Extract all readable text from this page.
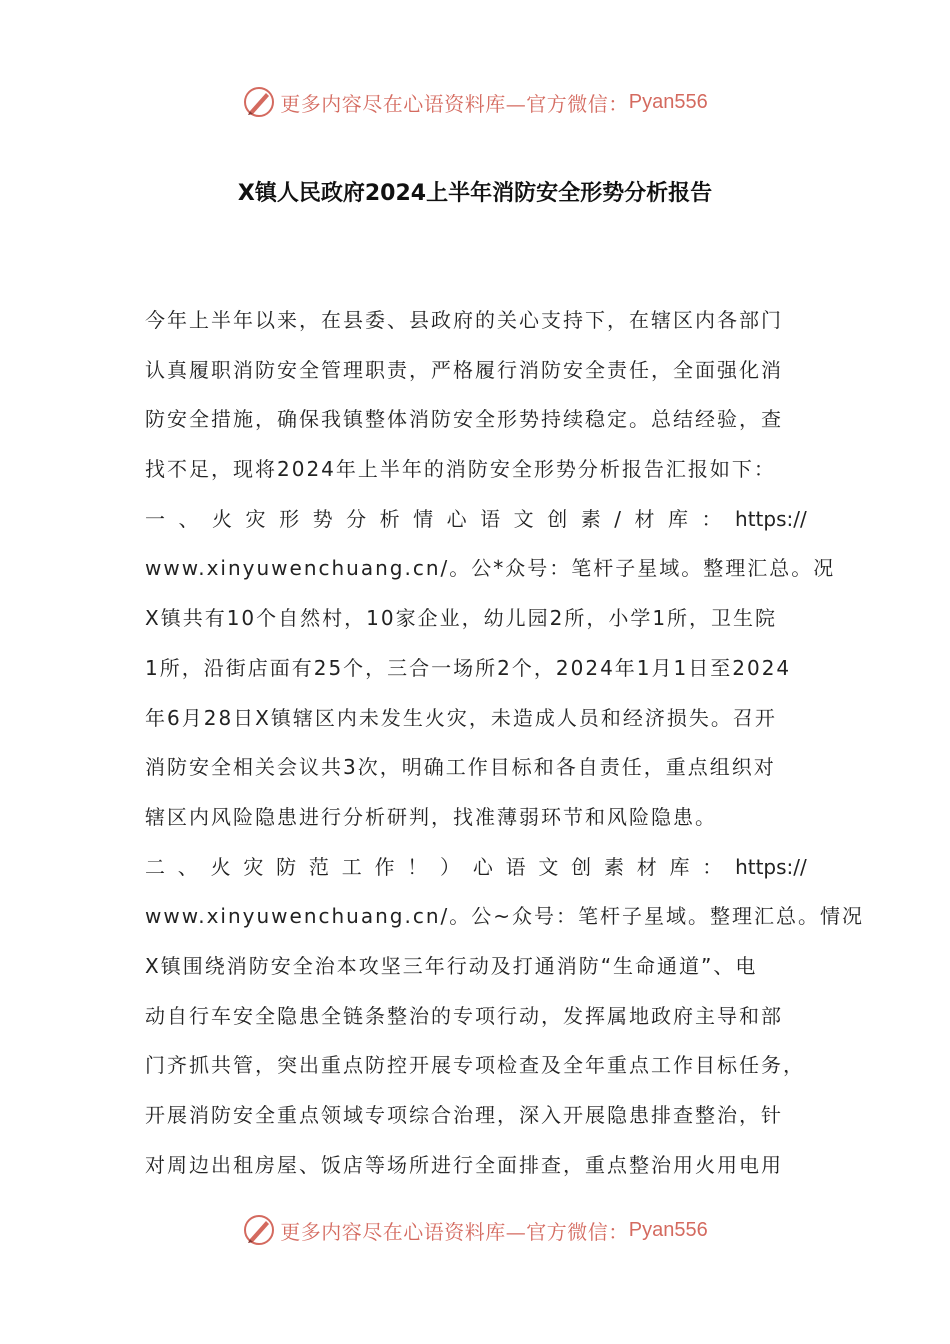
更多内容尽在心语资料库—官方微信： Pyan556
X镇人民政府2024上半年消防安全形势分析报告
今年上半年以来，在县委、县政府的关心支持下，在辖区内各部门
认真履职消防安全管理职责，严格履行消防安全责任，全面强化消
防安全措施，确保我镇整体消防安全形势持续稳定。总结经验，查
找不足，现将2024年上半年的消防安全形势分析报告汇报如下：
一 、 火 灾 形 势 分 析 情 心 语 文 创 素 / 材 库 ： https://
www.xinyuwenchuang.cn/。公*众号：笔杆子星域。整理汇总。况
X镇共有10个自然村，10家企业，幼儿园2所，小学1所，卫生院
1所，沿街店面有25个，三合一场所2个，2024年1月1日至2024
年6月28日X镇辖区内未发生火灾，未造成人员和经济损失。召开
消防安全相关会议共3次，明确工作目标和各自责任，重点组织对
辖区内风险隐患进行分析研判，找准薄弱环节和风险隐患。
二 、 火 灾 防 范 工 作 ！ ） 心 语 文 创 素 材 库 ： https://
www.xinyuwenchuang.cn/。公~众号：笔杆子星域。整理汇总。情况
X镇围绕消防安全治本攻坚三年行动及打通消防“生命通道”、电
动自行车安全隐患全链条整治的专项行动，发挥属地政府主导和部
门齐抓共管，突出重点防控开展专项检查及全年重点工作目标任务，
开展消防安全重点领域专项综合治理，深入开展隐患排查整治，针
对周边出租房屋、饭店等场所进行全面排查，重点整治用火用电用
更多内容尽在心语资料库—官方微信： Pyan556
